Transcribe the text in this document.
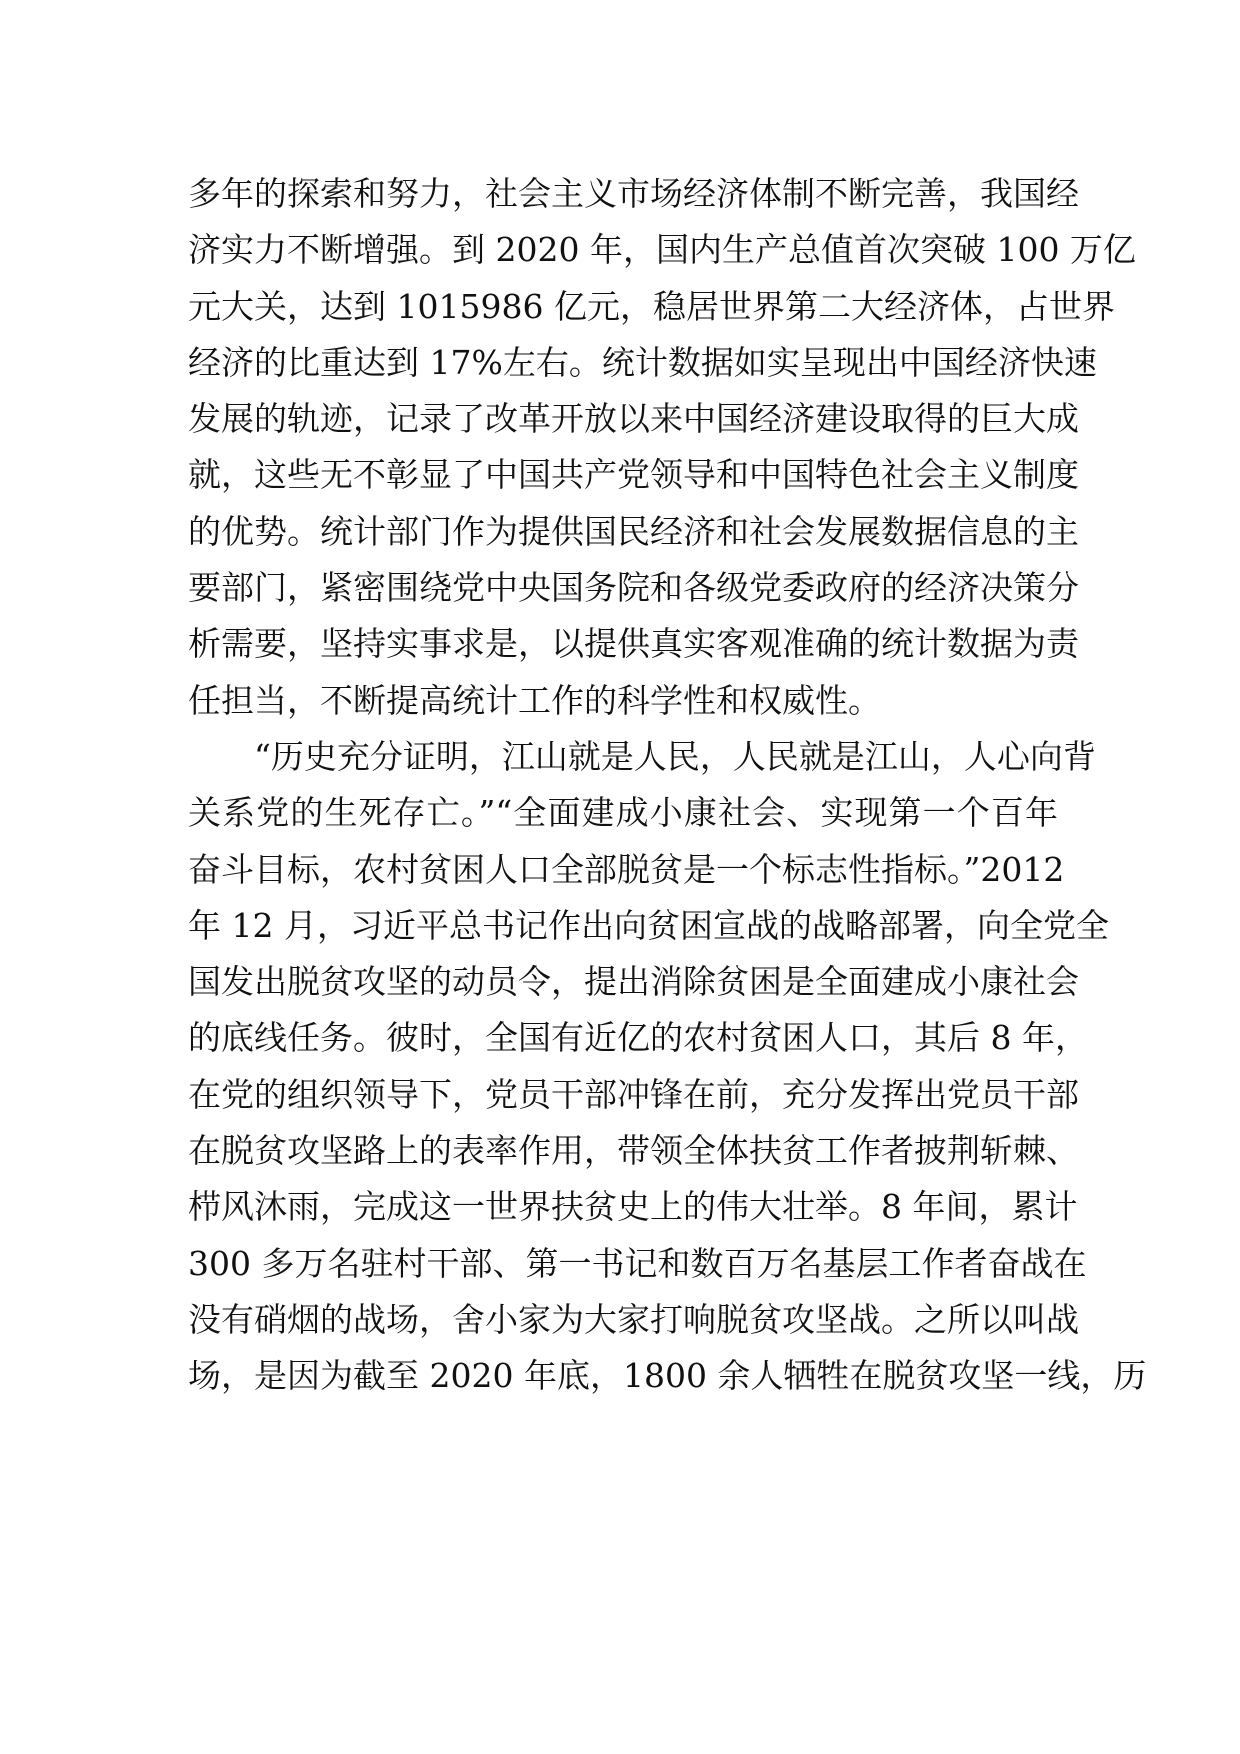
多年的探索和努力，社会主义市场经济体制不断完善，我国经
济实力不断增强。到 2020 年，国内生产总值首次突破 100 万亿
元大关，达到 1015986 亿元，稳居世界第二大经济体，占世界
经济的比重达到 17%左右。统计数据如实呈现出中国经济快速
发展的轨迹，记录了改革开放以来中国经济建设取得的巨大成
就，这些无不彰显了中国共产党领导和中国特色社会主义制度
的优势。统计部门作为提供国民经济和社会发展数据信息的主
要部门，紧密围绕党中央国务院和各级党委政府的经济决策分
析需要，坚持实事求是，以提供真实客观准确的统计数据为责
任担当，不断提高统计工作的科学性和权威性。
“历史充分证明，江山就是人民，人民就是江山，人心向背
关系党的生死存亡。”“全面建成小康社会、实现第一个百年
奋斗目标，农村贫困人口全部脱贫是一个标志性指标。”2012
年 12 月，习近平总书记作出向贫困宣战的战略部署，向全党全
国发出脱贫攻坚的动员令，提出消除贫困是全面建成小康社会
的底线任务。彼时，全国有近亿的农村贫困人口，其后 8 年，
在党的组织领导下，党员干部冲锋在前，充分发挥出党员干部
在脱贫攻坚路上的表率作用，带领全体扶贫工作者披荆斩棘、
栉风沐雨，完成这一世界扶贫史上的伟大壮举。8 年间，累计
300 多万名驻村干部、第一书记和数百万名基层工作者奋战在
没有硝烟的战场，舍小家为大家打响脱贫攻坚战。之所以叫战
场，是因为截至 2020 年底，1800 余人牺牲在脱贫攻坚一线，历
